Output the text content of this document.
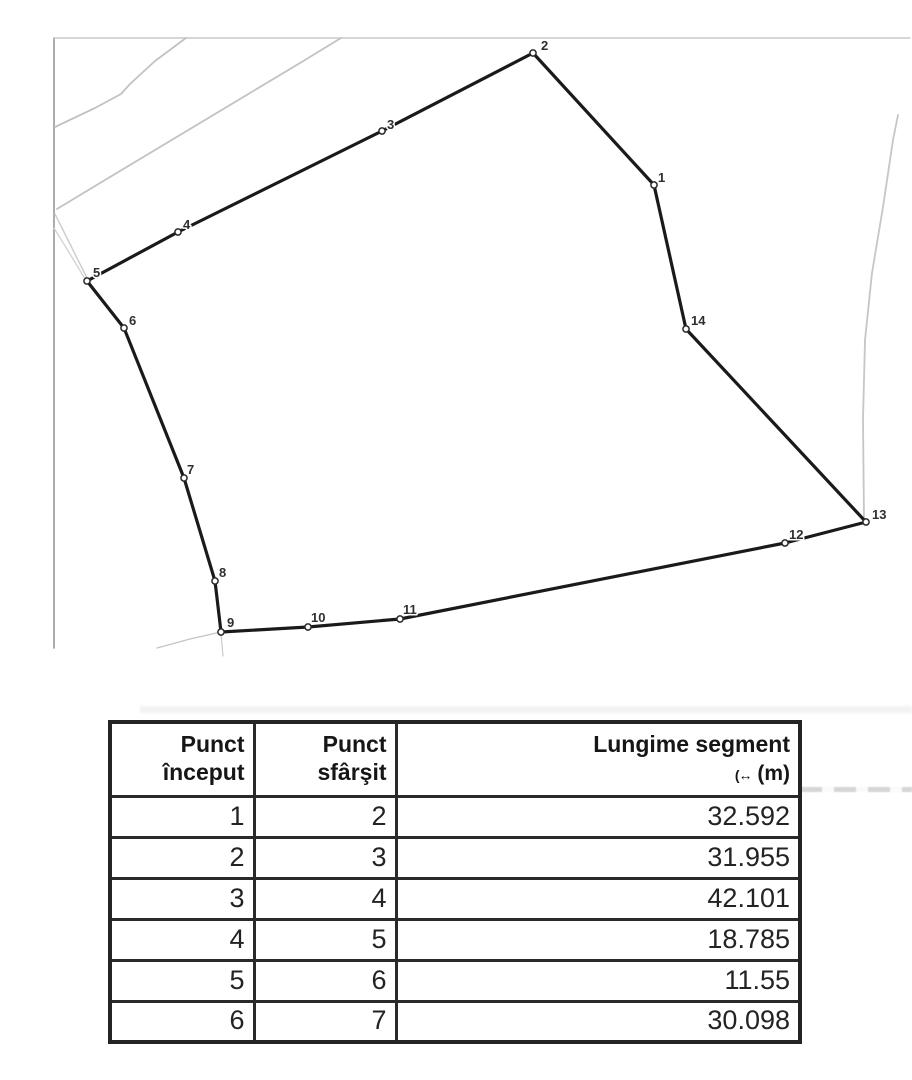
1
2
3
4
5
6
7
8
9	10
11
12
13
14
Punct
început	Punct
sfârşit	Lungime segment
(↔ (m)
1	2	32.592
2	3	31.955
3	4	42.101
4	5	18.785
5	6	11.55
6	7	30.098
